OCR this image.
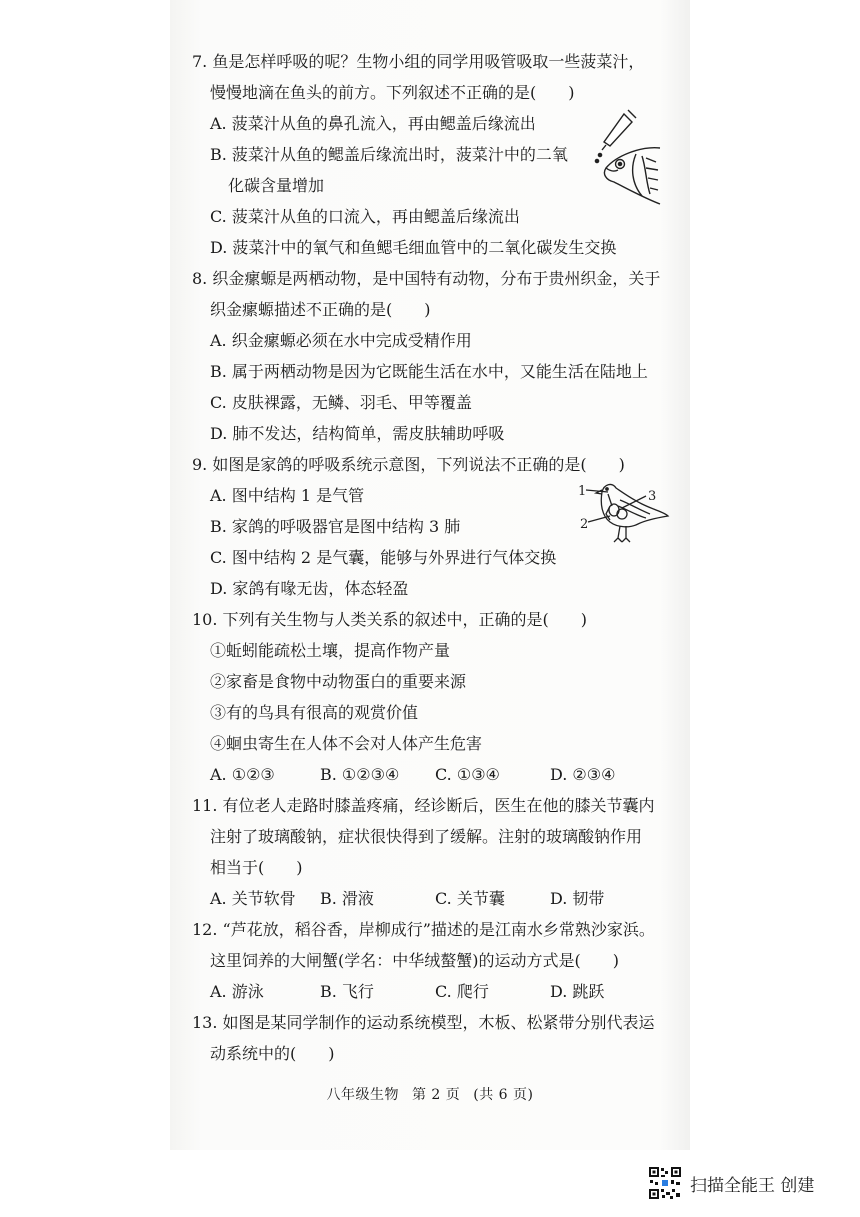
7. 鱼是怎样呼吸的呢？生物小组的同学用吸管吸取一些菠菜汁，
慢慢地滴在鱼头的前方。下列叙述不正确的是(　　)
A. 菠菜汁从鱼的鼻孔流入，再由鳃盖后缘流出
B. 菠菜汁从鱼的鳃盖后缘流出时，菠菜汁中的二氧
化碳含量增加
C. 菠菜汁从鱼的口流入，再由鳃盖后缘流出
D. 菠菜汁中的氧气和鱼鳃毛细血管中的二氧化碳发生交换
8. 织金瘰螈是两栖动物，是中国特有动物，分布于贵州织金，关于
织金瘰螈描述不正确的是(　　)
A. 织金瘰螈必须在水中完成受精作用
B. 属于两栖动物是因为它既能生活在水中，又能生活在陆地上
C. 皮肤裸露，无鳞、羽毛、甲等覆盖
D. 肺不发达，结构简单，需皮肤辅助呼吸
9. 如图是家鸽的呼吸系统示意图，下列说法不正确的是(　　)
A. 图中结构 1 是气管
B. 家鸽的呼吸器官是图中结构 3 肺
C. 图中结构 2 是气囊，能够与外界进行气体交换
D. 家鸽有喙无齿，体态轻盈
10. 下列有关生物与人类关系的叙述中，正确的是(　　)
①蚯蚓能疏松土壤，提高作物产量
②家畜是食物中动物蛋白的重要来源
③有的鸟具有很高的观赏价值
④蛔虫寄生在人体不会对人体产生危害
A. ①②③	B. ①②③④	C. ①③④	D. ②③④
11. 有位老人走路时膝盖疼痛，经诊断后，医生在他的膝关节囊内
注射了玻璃酸钠，症状很快得到了缓解。注射的玻璃酸钠作用
相当于(　　)
A. 关节软骨	B. 滑液	C. 关节囊	D. 韧带
12. “芦花放，稻谷香，岸柳成行”描述的是江南水乡常熟沙家浜。
这里饲养的大闸蟹(学名：中华绒螯蟹)的运动方式是(　　)
A. 游泳	B. 飞行	C. 爬行	D. 跳跃
13. 如图是某同学制作的运动系统模型，木板、松紧带分别代表运
动系统中的(　　)
1
2
3
八年级生物 第 2 页 (共 6 页)
扫描全能王 创建
